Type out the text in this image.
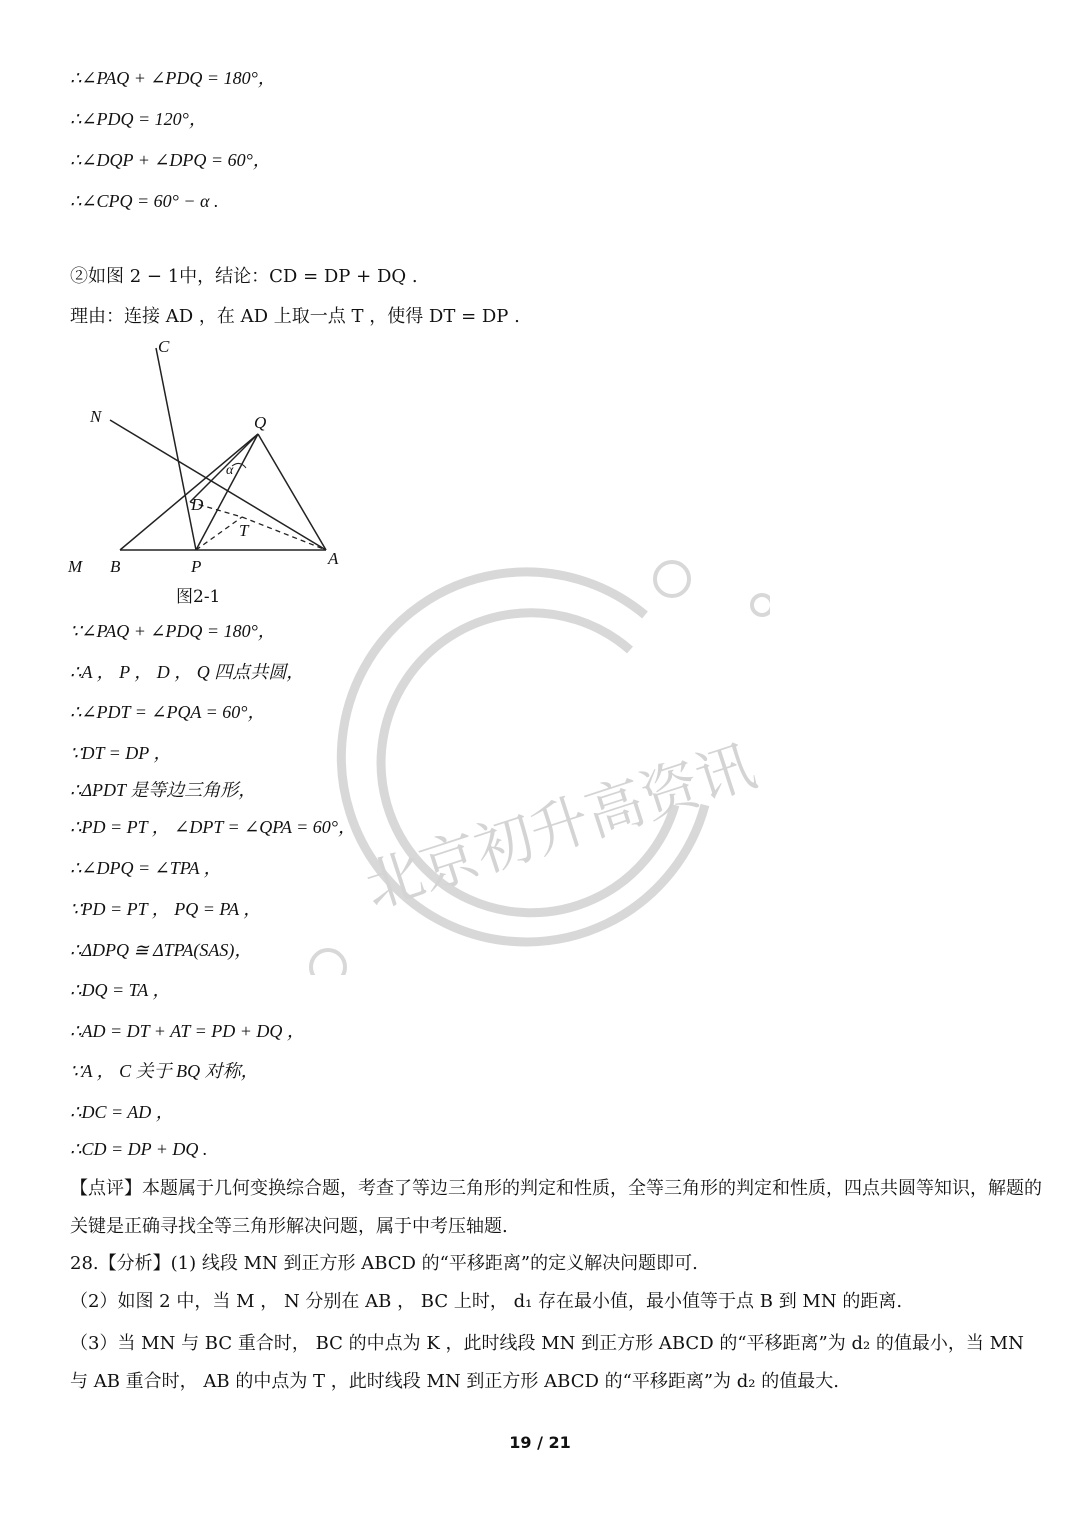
∴∠PAQ + ∠PDQ = 180°，
∴∠PDQ = 120°，
∴∠DQP + ∠DPQ = 60°，
∴∠CPQ = 60° − α .
②如图 2 − 1中，结论：CD = DP + DQ .
理由：连接 AD ，在 AD 上取一点 T ，使得 DT = DP .
C
N	Q
α
D
T
M B	P	A
图2-1
∵∠PAQ + ∠PDQ = 180°，
∴A ， P ， D ， Q 四点共圆，
∴∠PDT = ∠PQA = 60°，
∵DT = DP ，
∴ΔPDT 是等边三角形，
∴PD = PT ， ∠DPT = ∠QPA = 60°，
∴∠DPQ = ∠TPA ，
∵PD = PT ， PQ = PA ，
∴ΔDPQ ≅ ΔTPA(SAS)，
∴DQ = TA ，
∴AD = DT + AT = PD + DQ ，
∵A ， C 关于 BQ 对称，
∴DC = AD ，
∴CD = DP + DQ .
【点评】本题属于几何变换综合题，考查了等边三角形的判定和性质，全等三角形的判定和性质，四点共圆等知识，解题的关键是正确寻找全等三角形解决问题，属于中考压轴题.
28.【分析】(1) 线段 MN 到正方形 ABCD 的“平移距离”的定义解决问题即可.
（2）如图 2 中，当 M ， N 分别在 AB ， BC 上时， d₁ 存在最小值，最小值等于点 B 到 MN 的距离.
（3）当 MN 与 BC 重合时， BC 的中点为 K ，此时线段 MN 到正方形 ABCD 的“平移距离”为 d₂ 的值最小，当 MN 与 AB 重合时， AB 的中点为 T ，此时线段 MN 到正方形 ABCD 的“平移距离”为 d₂ 的值最大.
北京初升高资讯
19 / 21
